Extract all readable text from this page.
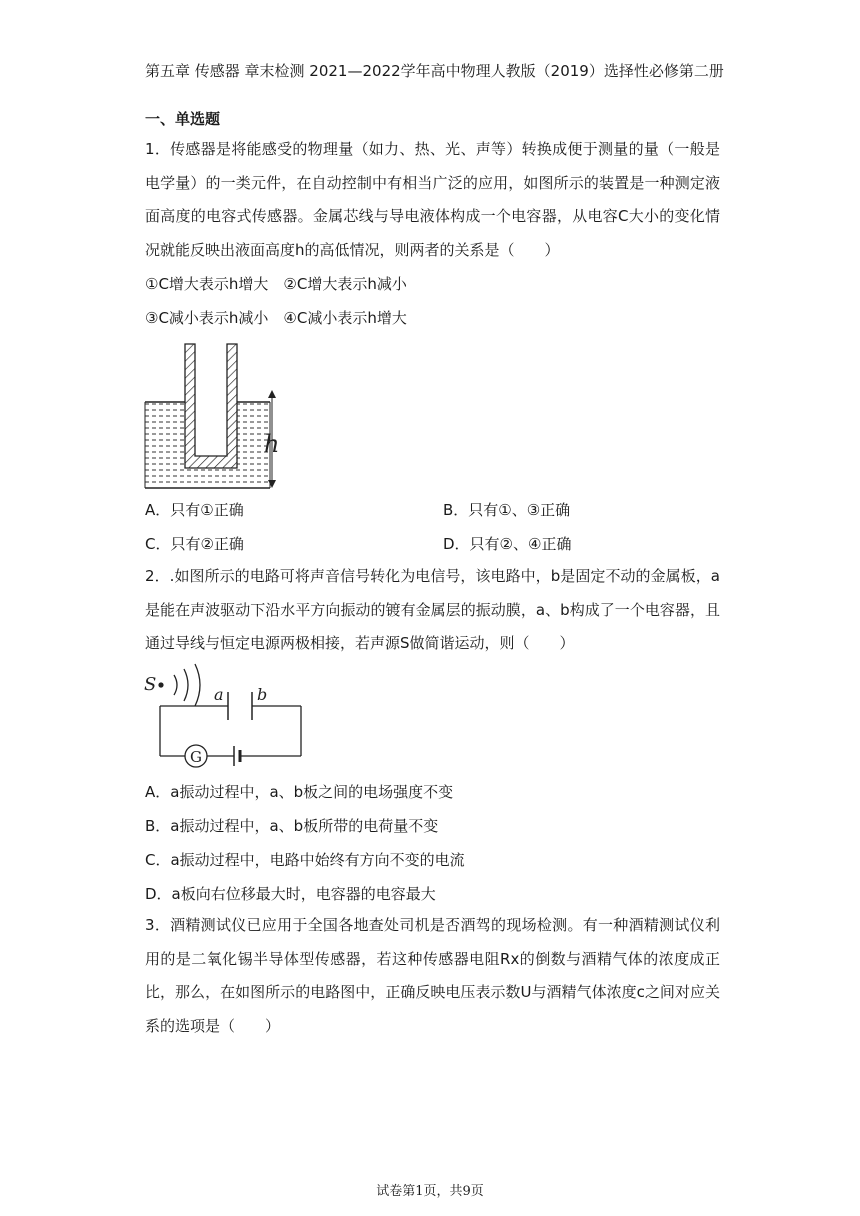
第五章 传感器 章末检测 2021—2022学年高中物理人教版（2019）选择性必修第二册
一、单选题
1．传感器是将能感受的物理量（如力、热、光、声等）转换成便于测量的量（一般是电学量）的一类元件，在自动控制中有相当广泛的应用，如图所示的装置是一种测定液面高度的电容式传感器。金属芯线与导电液体构成一个电容器，从电容C大小的变化情况就能反映出液面高度h的高低情况，则两者的关系是（　　）
①C增大表示h增大　②C增大表示h减小
③C减小表示h减小　④C减小表示h增大
h
A．只有①正确	B．只有①、③正确
C．只有②正确	D．只有②、④正确
2．.如图所示的电路可将声音信号转化为电信号，该电路中，b是固定不动的金属板，a是能在声波驱动下沿水平方向振动的镀有金属层的振动膜，a、b构成了一个电容器，且通过导线与恒定电源两极相接，若声源S做简谐运动，则（　　）
S	a b
G
A．a振动过程中，a、b板之间的电场强度不变
B．a振动过程中，a、b板所带的电荷量不变
C．a振动过程中，电路中始终有方向不变的电流
D．a板向右位移最大时，电容器的电容最大
3．酒精测试仪已应用于全国各地查处司机是否酒驾的现场检测。有一种酒精测试仪利用的是二氧化锡半导体型传感器，若这种传感器电阻Rx的倒数与酒精气体的浓度成正比，那么，在如图所示的电路图中，正确反映电压表示数U与酒精气体浓度c之间对应关系的选项是（　　）
试卷第1页，共9页
